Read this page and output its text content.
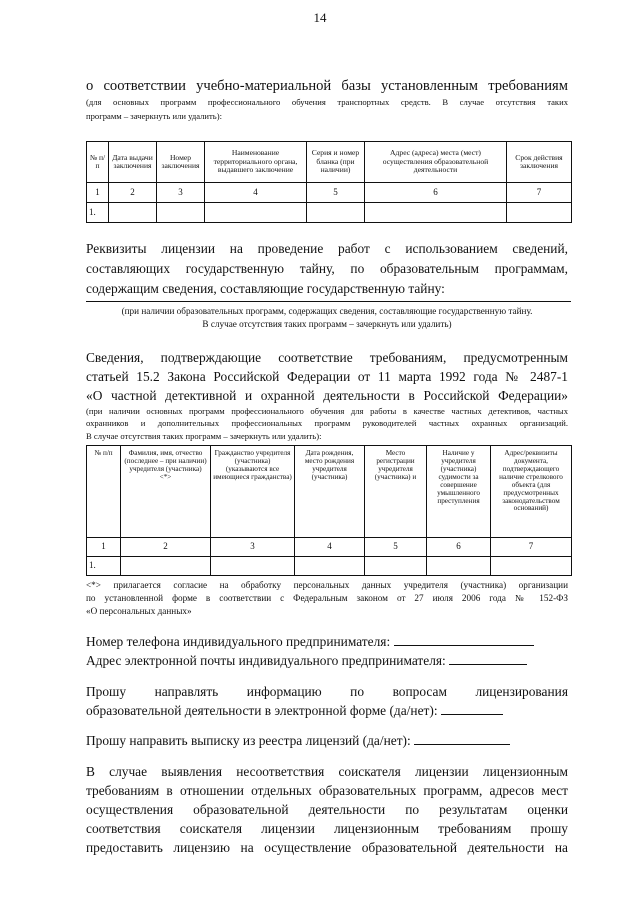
14
о соответствии учебно-материальной базы установленным требованиям
(для основных программ профессионального обучения транспортных средств. В случае отсутствия таких
программ – зачеркнуть или удалить):
№ п/п	Дата выдачи заключения	Номер заключения	Наименование территориального органа, выдавшего заключение	Серия и номер бланка (при наличии)	Адрес (адреса) места (мест) осуществления образовательной деятельности	Срок действия заключения
1	2	3	4	5	6	7
1.						
Реквизиты лицензии на проведение работ с использованием сведений,
составляющих государственную тайну, по образовательным программам,
содержащим сведения, составляющие государственную тайну:
(при наличии образовательных программ, содержащих сведения, составляющие государственную тайну.
В случае отсутствия таких программ – зачеркнуть или удалить)
Сведения, подтверждающие соответствие требованиям, предусмотренным
статьей 15.2 Закона Российской Федерации от 11 марта 1992 года № 2487-1
«О частной детективной и охранной деятельности в Российской Федерации»
(при наличии основных программ профессионального обучения для работы в качестве частных детективов, частных
охранников и дополнительных профессиональных программ руководителей частных охранных организаций.
В случае отсутствия таких программ – зачеркнуть или удалить):
№ п/п	Фамилия, имя, отчество (последнее – при наличии) учредителя (участника) <*>	Гражданство учредителя (участника) (указываются все имеющиеся гражданства)	Дата рождения, место рождения учредителя (участника)	Место регистрации учредителя (участника) и	Наличие у учредителя (участника) судимости за совершение умышленного преступления	Адрес/реквизиты документа, подтверждающего наличие стрелкового объекта (для предусмотренных законодательством оснований)
1	2	3	4	5	6	7
1.						
<*> прилагается согласие на обработку персональных данных учредителя (участника) организации
по установленной форме в соответствии с Федеральным законом от 27 июля 2006 года № 152-ФЗ
«О персональных данных»
Номер телефона индивидуального предпринимателя:
Адрес электронной почты индивидуального предпринимателя:
Прошу направлять информацию по вопросам лицензирования
образовательной деятельности в электронной форме (да/нет):
Прошу направить выписку из реестра лицензий (да/нет):
В случае выявления несоответствия соискателя лицензии лицензионным
требованиям в отношении отдельных образовательных программ, адресов мест
осуществления образовательной деятельности по результатам оценки
соответствия соискателя лицензии лицензионным требованиям прошу
предоставить лицензию на осуществление образовательной деятельности на
